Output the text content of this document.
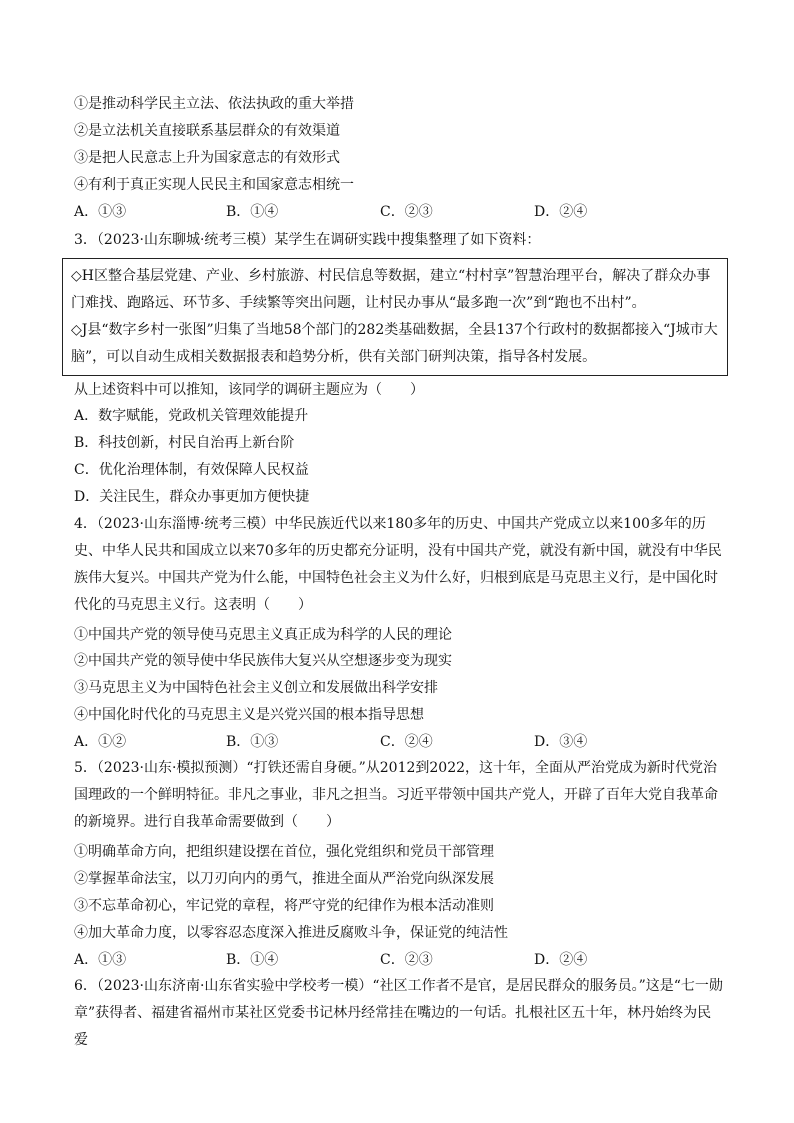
①是推动科学民主立法、依法执政的重大举措
②是立法机关直接联系基层群众的有效渠道
③是把人民意志上升为国家意志的有效形式
④有利于真正实现人民民主和国家意志相统一
A．①③	B．①④	C．②③	D．②④
3．（2023·山东聊城·统考三模）某学生在调研实践中搜集整理了如下资料：
◇H区整合基层党建、产业、乡村旅游、村民信息等数据，建立“村村享”智慧治理平台，解决了群众办事门难找、跑路远、环节多、手续繁等突出问题，让村民办事从“最多跑一次”到“跑也不出村”。
◇J县“数字乡村一张图”归集了当地58个部门的282类基础数据，全县137个行政村的数据都接入“J城市大脑”，可以自动生成相关数据报表和趋势分析，供有关部门研判决策，指导各村发展。
从上述资料中可以推知，该同学的调研主题应为（　　）
A．数字赋能，党政机关管理效能提升
B．科技创新，村民自治再上新台阶
C．优化治理体制，有效保障人民权益
D．关注民生，群众办事更加方便快捷
4．（2023·山东淄博·统考三模）中华民族近代以来180多年的历史、中国共产党成立以来100多年的历史、中华人民共和国成立以来70多年的历史都充分证明，没有中国共产党，就没有新中国，就没有中华民族伟大复兴。中国共产党为什么能，中国特色社会主义为什么好，归根到底是马克思主义行，是中国化时代化的马克思主义行。这表明（　　）
①中国共产党的领导使马克思主义真正成为科学的人民的理论
②中国共产党的领导使中华民族伟大复兴从空想逐步变为现实
③马克思主义为中国特色社会主义创立和发展做出科学安排
④中国化时代化的马克思主义是兴党兴国的根本指导思想
A．①②	B．①③	C．②④	D．③④
5．（2023·山东·模拟预测）“打铁还需自身硬。”从2012到2022，这十年，全面从严治党成为新时代党治国理政的一个鲜明特征。非凡之事业，非凡之担当。习近平带领中国共产党人，开辟了百年大党自我革命的新境界。进行自我革命需要做到（　　）
①明确革命方向，把组织建设摆在首位，强化党组织和党员干部管理
②掌握革命法宝，以刀刃向内的勇气，推进全面从严治党向纵深发展
③不忘革命初心，牢记党的章程，将严守党的纪律作为根本活动准则
④加大革命力度，以零容忍态度深入推进反腐败斗争，保证党的纯洁性
A．①③	B．①④	C．②③	D．②④
6．（2023·山东济南·山东省实验中学校考一模）“社区工作者不是官，是居民群众的服务员。”这是“七一勋章”获得者、福建省福州市某社区党委书记林丹经常挂在嘴边的一句话。扎根社区五十年，林丹始终为民爱
